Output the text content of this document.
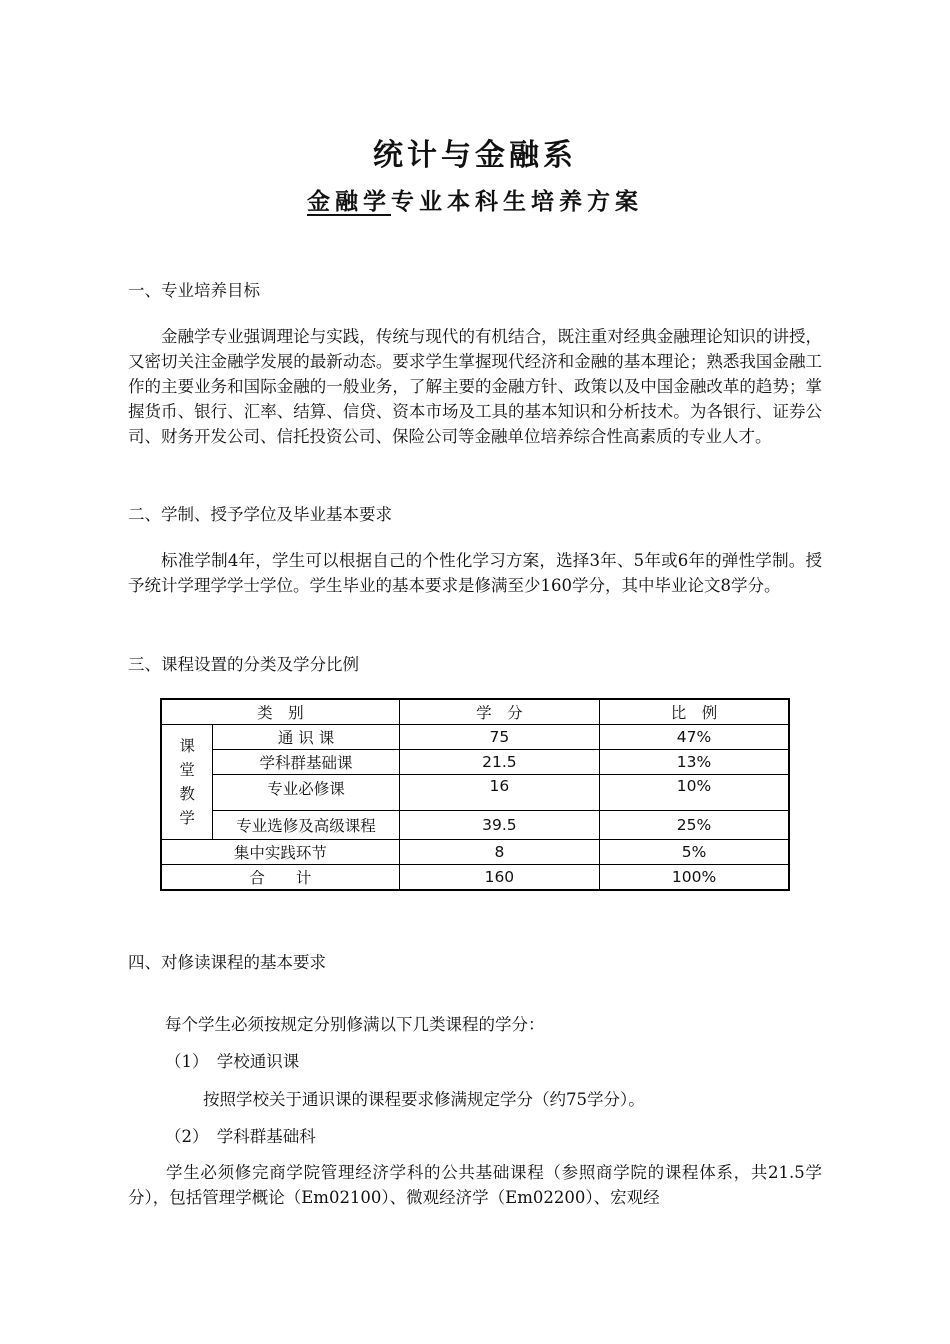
统计与金融系
金融学专业本科生培养方案
一、专业培养目标
金融学专业强调理论与实践，传统与现代的有机结合，既注重对经典金融理论知识的讲授，又密切关注金融学发展的最新动态。要求学生掌握现代经济和金融的基本理论；熟悉我国金融工作的主要业务和国际金融的一般业务，了解主要的金融方针、政策以及中国金融改革的趋势；掌握货币、银行、汇率、结算、信贷、资本市场及工具的基本知识和分析技术。为各银行、证券公司、财务开发公司、信托投资公司、保险公司等金融单位培养综合性高素质的专业人才。
二、学制、授予学位及毕业基本要求
标准学制4年，学生可以根据自己的个性化学习方案，选择3年、5年或6年的弹性学制。授予统计学理学学士学位。学生毕业的基本要求是修满至少160学分，其中毕业论文8学分。
三、课程设置的分类及学分比例
类　别		学　分	比　例

课
堂
教
学	通 识 课	75	47%
	学科群基础课	21.5	13%
	专业必修课	16	10%
	专业选修及高级课程	39.5	25%
集中实践环节		8	5%
合　　计		160	100%
四、对修读课程的基本要求
每个学生必须按规定分别修满以下几类课程的学分：
（1）　学校通识课
按照学校关于通识课的课程要求修满规定学分（约75学分）。
（2）　学科群基础科
学生必须修完商学院管理经济学科的公共基础课程（参照商学院的课程体系，共21.5学分），包括管理学概论（Em02100）、微观经济学（Em02200）、宏观经
